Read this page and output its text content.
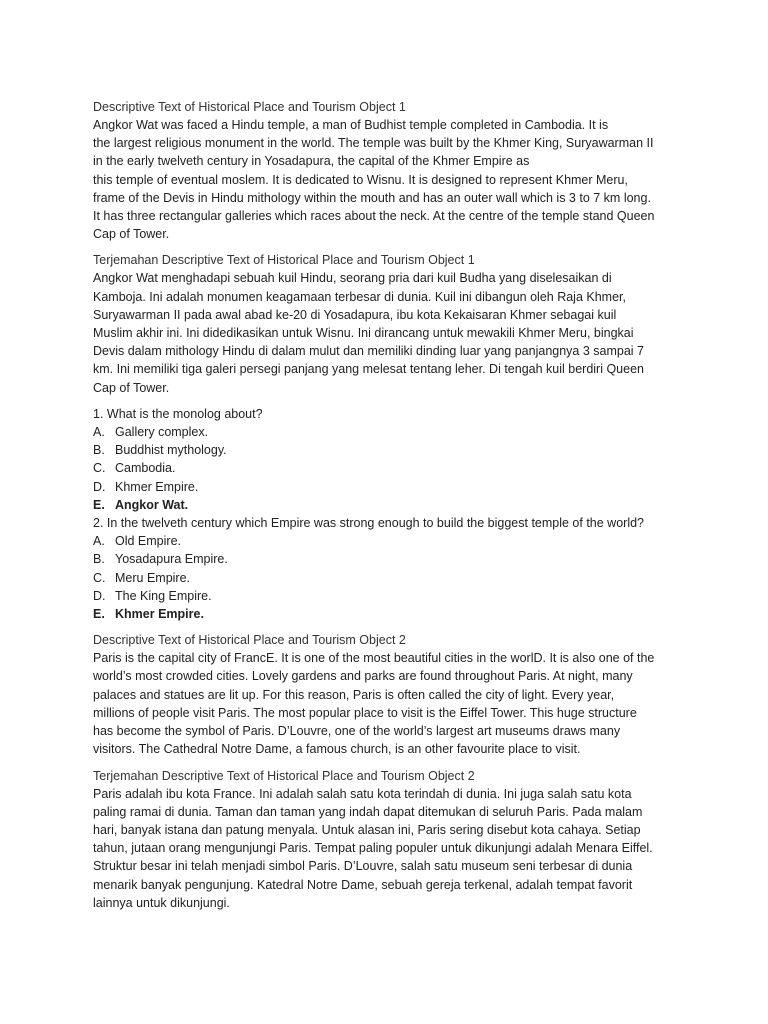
Descriptive Text of Historical Place and Tourism Object 1
Angkor Wat was faced a Hindu temple, a man of Budhist temple completed in Cambodia. It is
the largest religious monument in the world. The temple was built by the Khmer King, Suryawarman II
in the early twelveth century in Yosadapura, the capital of the Khmer Empire as
this temple of eventual moslem. It is dedicated to Wisnu. It is designed to represent Khmer Meru,
frame of the Devis in Hindu mithology within the mouth and has an outer wall which is 3 to 7 km long.
It has three rectangular galleries which races about the neck. At the centre of the temple stand Queen
Cap of Tower.
Terjemahan Descriptive Text of Historical Place and Tourism Object 1
Angkor Wat menghadapi sebuah kuil Hindu, seorang pria dari kuil Budha yang diselesaikan di
Kamboja. Ini adalah monumen keagamaan terbesar di dunia. Kuil ini dibangun oleh Raja Khmer,
Suryawarman II pada awal abad ke-20 di Yosadapura, ibu kota Kekaisaran Khmer sebagai kuil
Muslim akhir ini. Ini didedikasikan untuk Wisnu. Ini dirancang untuk mewakili Khmer Meru, bingkai
Devis dalam mithology Hindu di dalam mulut dan memiliki dinding luar yang panjangnya 3 sampai 7
km. Ini memiliki tiga galeri persegi panjang yang melesat tentang leher. Di tengah kuil berdiri Queen
Cap of Tower.
1. What is the monolog about?
A. Gallery complex.
B. Buddhist mythology.
C. Cambodia.
D. Khmer Empire.
E. Angkor Wat.
2. In the twelveth century which Empire was strong enough to build the biggest temple of the world?
A. Old Empire.
B. Yosadapura Empire.
C. Meru Empire.
D. The King Empire.
E. Khmer Empire.
Descriptive Text of Historical Place and Tourism Object 2
Paris is the capital city of FrancE. It is one of the most beautiful cities in the worlD. It is also one of the
world’s most crowded cities. Lovely gardens and parks are found throughout Paris. At night, many
palaces and statues are lit up. For this reason, Paris is often called the city of light. Every year,
millions of people visit Paris. The most popular place to visit is the Eiffel Tower. This huge structure
has become the symbol of Paris. D’Louvre, one of the world’s largest art museums draws many
visitors. The Cathedral Notre Dame, a famous church, is an other favourite place to visit.
Terjemahan Descriptive Text of Historical Place and Tourism Object 2
Paris adalah ibu kota France. Ini adalah salah satu kota terindah di dunia. Ini juga salah satu kota
paling ramai di dunia. Taman dan taman yang indah dapat ditemukan di seluruh Paris. Pada malam
hari, banyak istana dan patung menyala. Untuk alasan ini, Paris sering disebut kota cahaya. Setiap
tahun, jutaan orang mengunjungi Paris. Tempat paling populer untuk dikunjungi adalah Menara Eiffel.
Struktur besar ini telah menjadi simbol Paris. D’Louvre, salah satu museum seni terbesar di dunia
menarik banyak pengunjung. Katedral Notre Dame, sebuah gereja terkenal, adalah tempat favorit
lainnya untuk dikunjungi.
